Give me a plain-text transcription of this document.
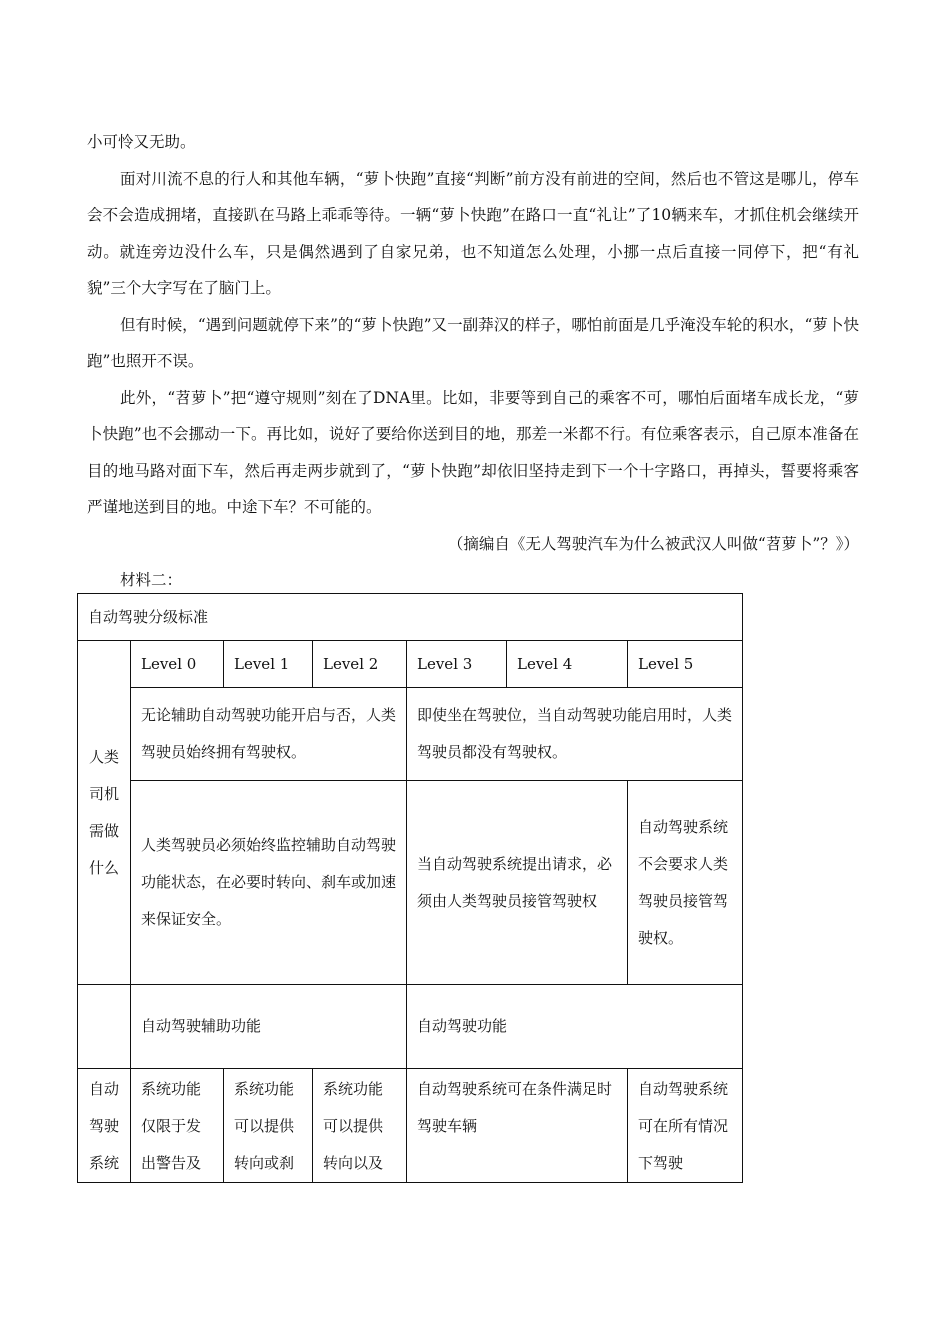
小可怜又无助。

面对川流不息的行人和其他车辆，“萝卜快跑”直接“判断”前方没有前进的空间，然后也不管这是哪儿，停车会不会造成拥堵，直接趴在马路上乖乖等待。一辆“萝卜快跑”在路口一直“礼让”了10辆来车，才抓住机会继续开动。就连旁边没什么车，只是偶然遇到了自家兄弟，也不知道怎么处理，小挪一点后直接一同停下，把“有礼貌”三个大字写在了脑门上。

但有时候，“遇到问题就停下来”的“萝卜快跑”又一副莽汉的样子，哪怕前面是几乎淹没车轮的积水，“萝卜快跑”也照开不误。

此外，“苕萝卜”把“遵守规则”刻在了DNA里。比如，非要等到自己的乘客不可，哪怕后面堵车成长龙，“萝卜快跑”也不会挪动一下。再比如，说好了要给你送到目的地，那差一米都不行。有位乘客表示，自己原本准备在目的地马路对面下车，然后再走两步就到了，“萝卜快跑”却依旧坚持走到下一个十字路口，再掉头，誓要将乘客严谨地送到目的地。中途下车？不可能的。

（摘编自《无人驾驶汽车为什么被武汉人叫做“苕萝卜”？》）

材料二：

自动驾驶分级标准						
人类司机需做什么	Level 0	Level 1	Level 2	Level 3	Level 4	Level 5
	无论辅助自动驾驶功能开启与否，人类驾驶员始终拥有驾驶权。			即使坐在驾驶位，当自动驾驶功能启用时，人类驾驶员都没有驾驶权。		
	人类驾驶员必须始终监控辅助自动驾驶功能状态，在必要时转向、刹车或加速来保证安全。			当自动驾驶系统提出请求，必须由人类驾驶员接管驾驶权		自动驾驶系统不会要求人类驾驶员接管驾驶权。
	自动驾驶辅助功能			自动驾驶功能		

自动驾驶系统	系统功能仅限于发出警告及	系统功能可以提供转向或刹	系统功能可以提供转向以及	自动驾驶系统可在条件满足时驾驶车辆		自动驾驶系统可在所有情况下驾驶
